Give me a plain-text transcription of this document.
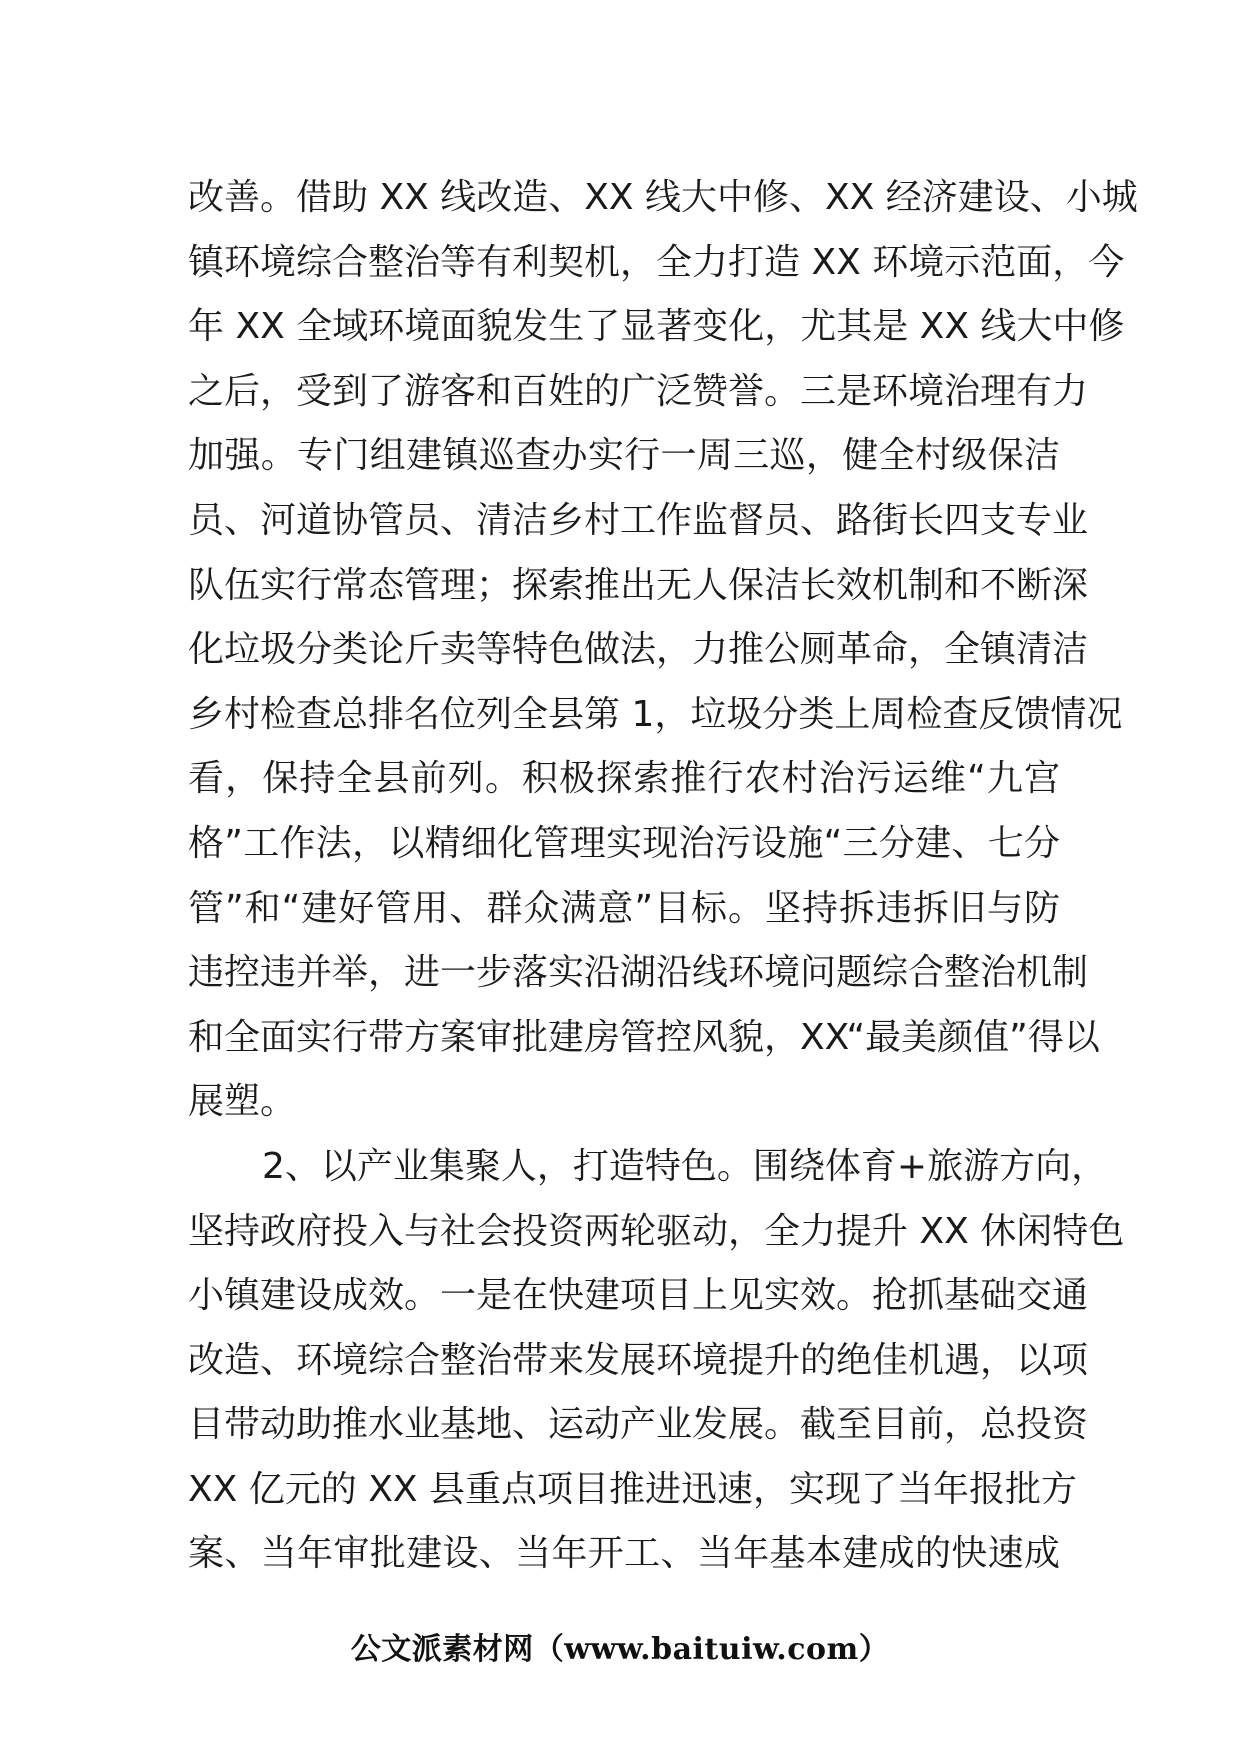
改善。借助 XX 线改造、XX 线大中修、XX 经济建设、小城
镇环境综合整治等有利契机，全力打造 XX 环境示范面，今
年 XX 全域环境面貌发生了显著变化，尤其是 XX 线大中修
之后，受到了游客和百姓的广泛赞誉。三是环境治理有力
加强。专门组建镇巡查办实行一周三巡，健全村级保洁
员、河道协管员、清洁乡村工作监督员、路街长四支专业
队伍实行常态管理；探索推出无人保洁长效机制和不断深
化垃圾分类论斤卖等特色做法，力推公厕革命，全镇清洁
乡村检查总排名位列全县第 1，垃圾分类上周检查反馈情况
看，保持全县前列。积极探索推行农村治污运维“九宫
格”工作法，以精细化管理实现治污设施“三分建、七分
管”和“建好管用、群众满意”目标。坚持拆违拆旧与防
违控违并举，进一步落实沿湖沿线环境问题综合整治机制
和全面实行带方案审批建房管控风貌，XX“最美颜值”得以
展塑。
2、以产业集聚人，打造特色。围绕体育+旅游方向，
坚持政府投入与社会投资两轮驱动，全力提升 XX 休闲特色
小镇建设成效。一是在快建项目上见实效。抢抓基础交通
改造、环境综合整治带来发展环境提升的绝佳机遇，以项
目带动助推水业基地、运动产业发展。截至目前，总投资
XX 亿元的 XX 县重点项目推进迅速，实现了当年报批方
案、当年审批建设、当年开工、当年基本建成的快速成
公文派素材网（www.baituiw.com）
